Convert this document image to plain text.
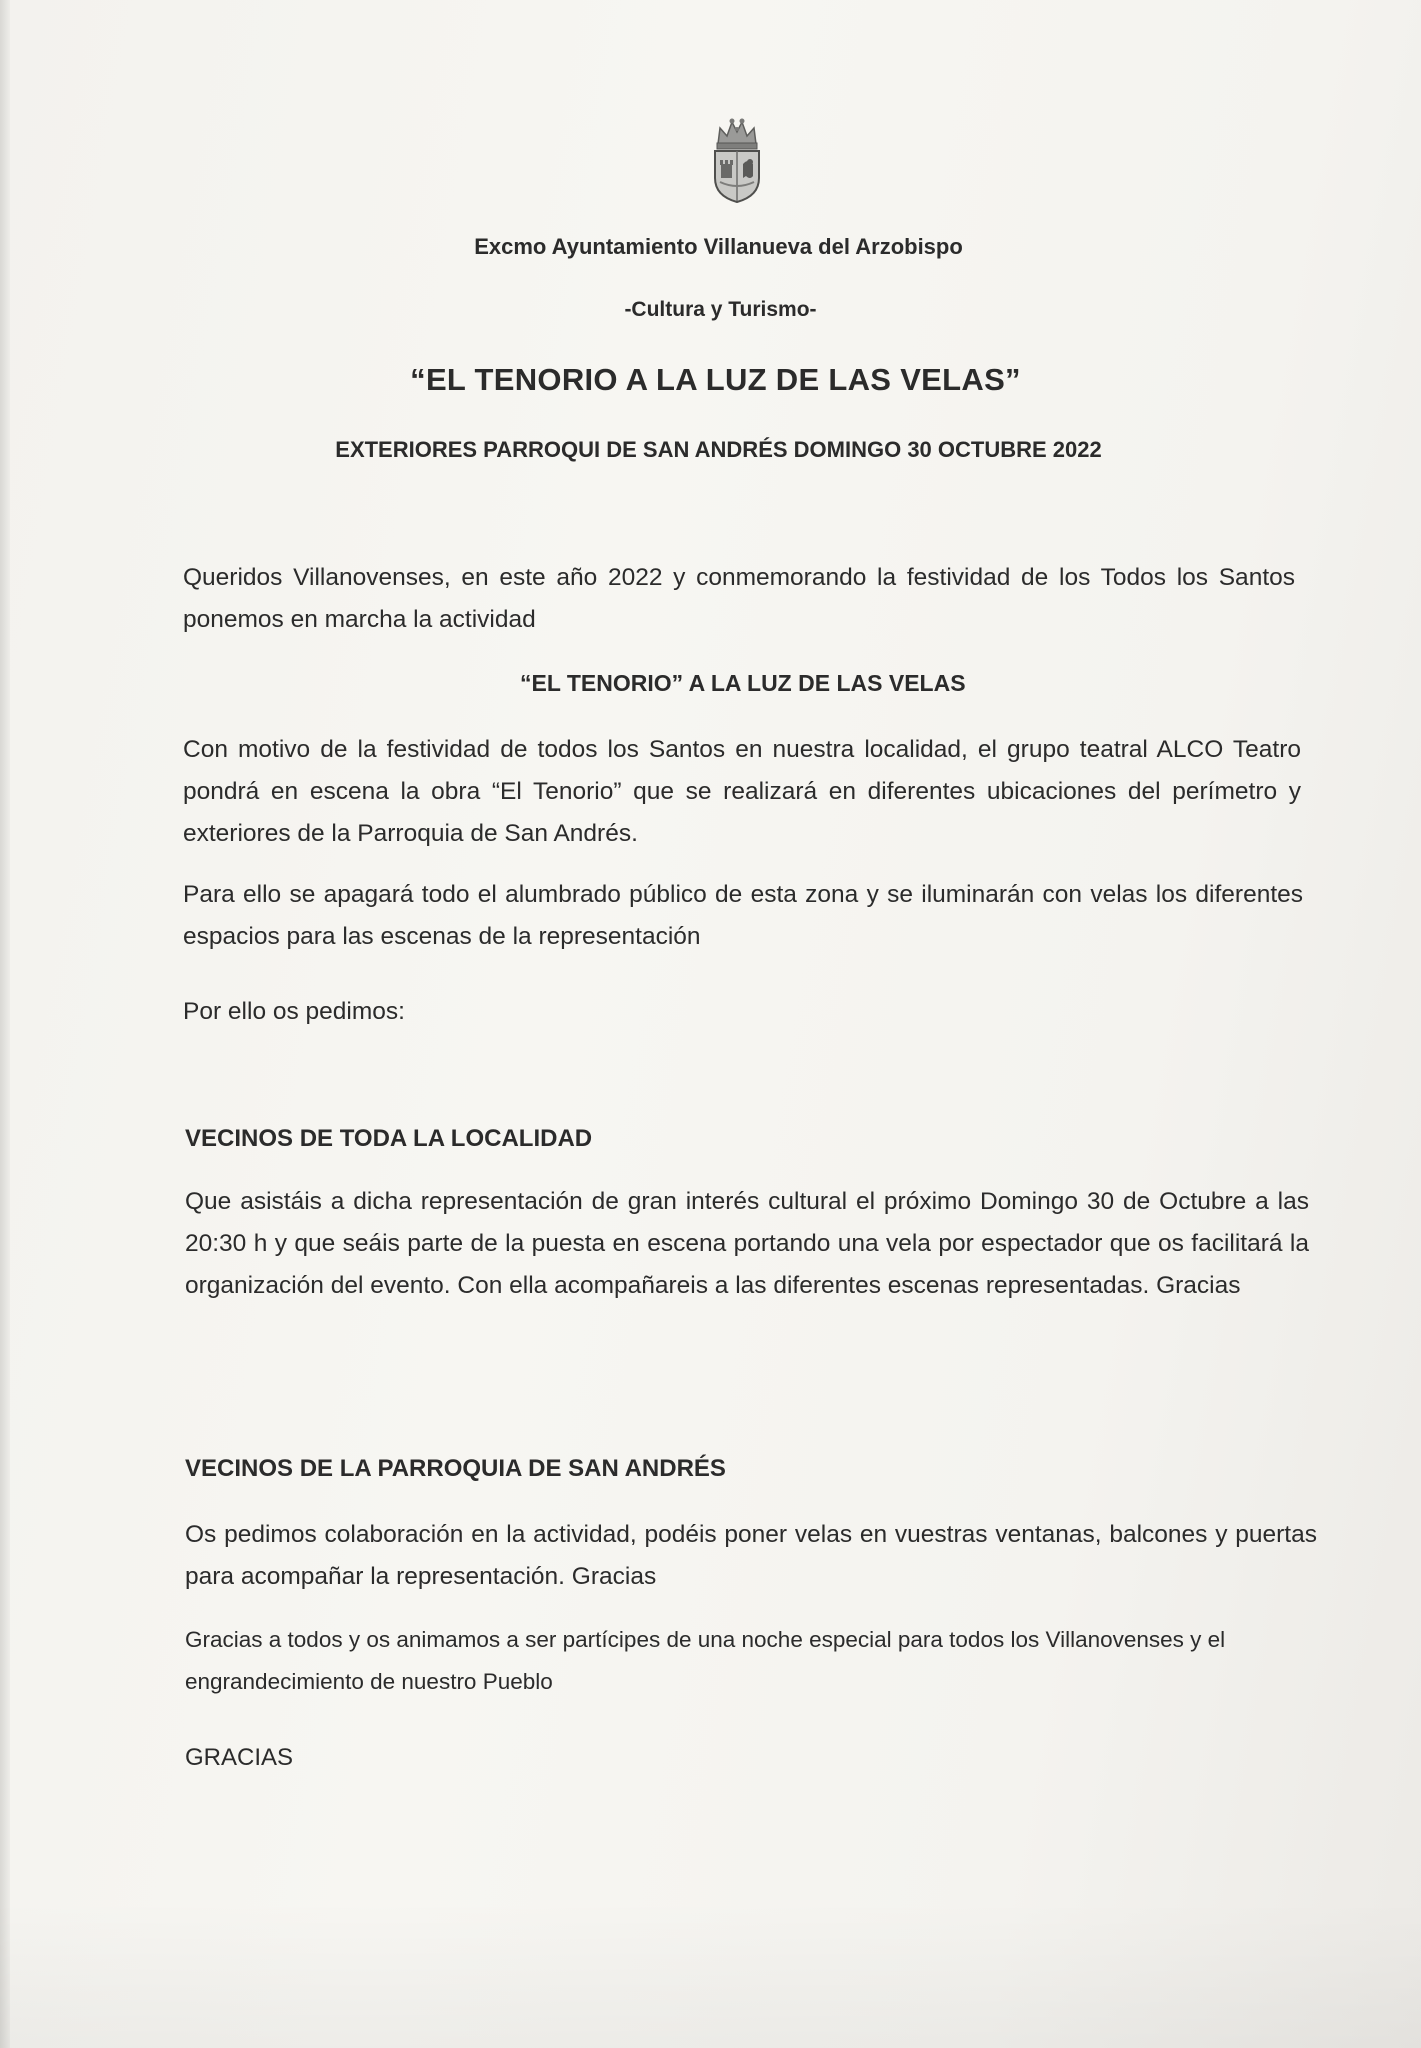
Excmo Ayuntamiento Villanueva del Arzobispo
-Cultura y Turismo-
“EL TENORIO A LA LUZ DE LAS VELAS”
EXTERIORES PARROQUI DE SAN ANDRÉS DOMINGO 30 OCTUBRE 2022
Queridos Villanovenses, en este año 2022 y conmemorando la festividad de los Todos los Santos ponemos en marcha la actividad
“EL TENORIO” A LA LUZ DE LAS VELAS
Con motivo de la festividad de todos los Santos en nuestra localidad, el grupo teatral ALCO Teatro pondrá en escena la obra “El Tenorio” que se realizará en diferentes ubicaciones del perímetro y exteriores de la Parroquia de San Andrés.
Para ello se apagará todo el alumbrado público de esta zona y se iluminarán con velas los diferentes espacios para las escenas de la representación
Por ello os pedimos:
VECINOS DE TODA LA LOCALIDAD
Que asistáis a dicha representación de gran interés cultural el próximo Domingo 30 de Octubre a las 20:30 h y que seáis parte de la puesta en escena portando una vela por espectador que os facilitará la organización del evento. Con ella acompañareis a las diferentes escenas representadas. Gracias
VECINOS DE LA PARROQUIA DE SAN ANDRÉS
Os pedimos colaboración en la actividad, podéis poner velas en vuestras ventanas, balcones y puertas para acompañar la representación. Gracias
Gracias a todos y os animamos a ser partícipes de una noche especial para todos los Villanovenses y el engrandecimiento de nuestro Pueblo
GRACIAS
